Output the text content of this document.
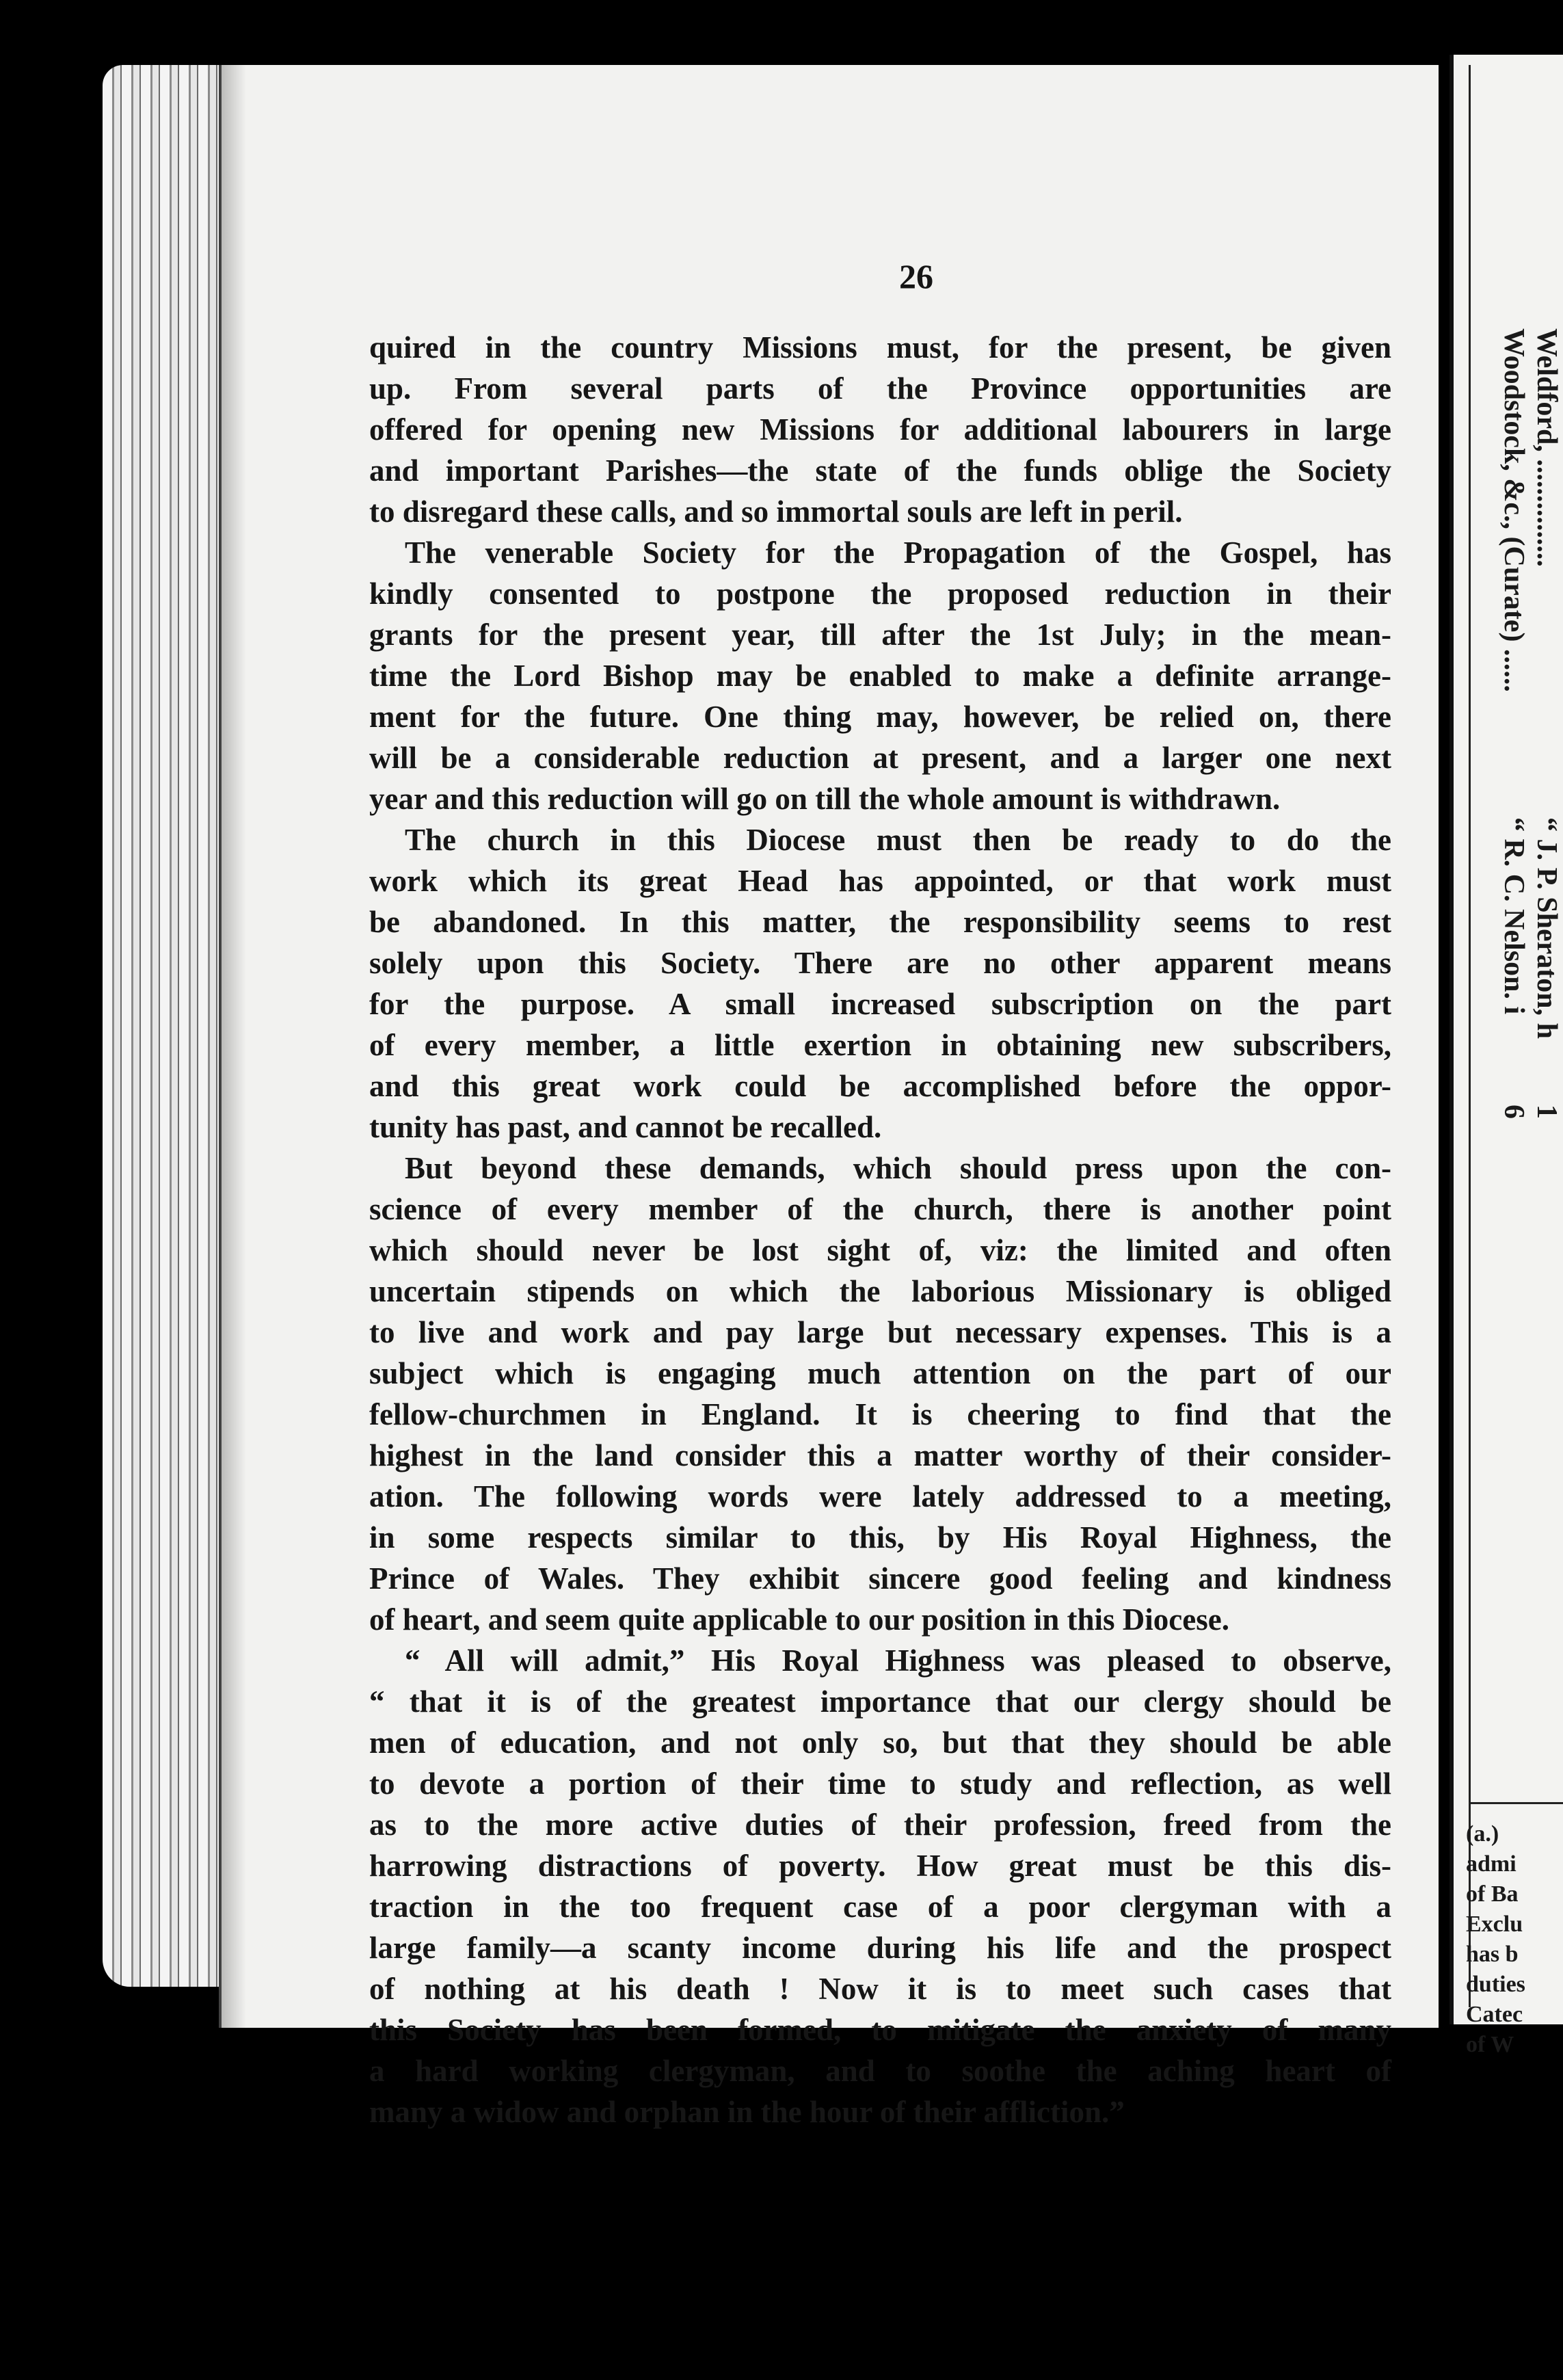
26

quired in the country Missions must, for the present, be given
up. From several parts of the Province opportunities are
offered for opening new Missions for additional labourers in large
and important Parishes—the state of the funds oblige the Society
to disregard these calls, and so immortal souls are left in peril.

The venerable Society for the Propagation of the Gospel, has
kindly consented to postpone the proposed reduction in their
grants for the present year, till after the 1st July; in the mean-
time the Lord Bishop may be enabled to make a definite arrange-
ment for the future. One thing may, however, be relied on, there
will be a considerable reduction at present, and a larger one next
year and this reduction will go on till the whole amount is withdrawn.

The church in this Diocese must then be ready to do the
work which its great Head has appointed, or that work must
be abandoned. In this matter, the responsibility seems to rest
solely upon this Society. There are no other apparent means
for the purpose. A small increased subscription on the part
of every member, a little exertion in obtaining new subscribers,
and this great work could be accomplished before the oppor-
tunity has past, and cannot be recalled.

But beyond these demands, which should press upon the con-
science of every member of the church, there is another point
which should never be lost sight of, viz: the limited and often
uncertain stipends on which the laborious Missionary is obliged
to live and work and pay large but necessary expenses. This is a
subject which is engaging much attention on the part of our
fellow-churchmen in England. It is cheering to find that the
highest in the land consider this a matter worthy of their consider-
ation. The following words were lately addressed to a meeting,
in some respects similar to this, by His Royal Highness, the
Prince of Wales. They exhibit sincere good feeling and kindness
of heart, and seem quite applicable to our position in this Diocese.

“ All will admit,” His Royal Highness was pleased to observe,
“ that it is of the greatest importance that our clergy should be
men of education, and not only so, but that they should be able
to devote a portion of their time to study and reflection, as well
as to the more active duties of their profession, freed from the
harrowing distractions of poverty. How great must be this dis-
traction in the too frequent case of a poor clergyman with a
large family—a scanty income during his life and the prospect
of nothing at his death ! Now it is to meet such cases that
this Society has been formed, to mitigate the anxiety of many
a hard working clergyman, and to soothe the aching heart of
many a widow and orphan in the hour of their affliction.”

Weldford, ...............
Woodstock, &c., (Curate) ......
“ J. P. Sheraton, h
“ R. C. Nelson. i
1
6
(a.)
admi
of Ba
Exclu
has b
duties
Catec
of W
